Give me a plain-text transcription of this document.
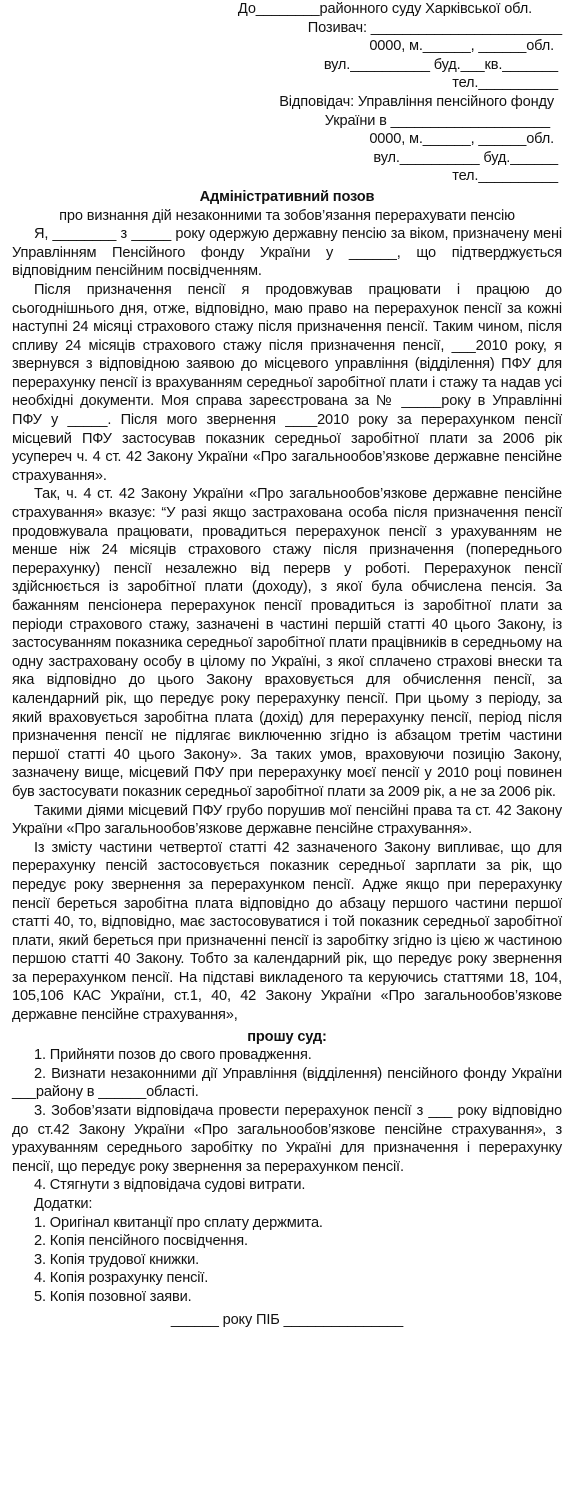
До________районного суду Харківської обл.

Позивач: ________________________

0000, м.______, ______обл.

вул.__________ буд.___кв._______

тел.__________

Відповідач: Управління пенсійного фонду

України в ____________________

0000, м.______, ______обл.

вул.__________ буд.______

тел.__________

Адміністративний позов

про визнання дій незаконними та зобов’язання перерахувати пенсію

Я, ________ з _____ року одержую державну пенсію за віком, призначену мені Управлінням Пенсійного фонду України у ______, що підтверджується відповідним пенсійним посвідченням.

Після призначення пенсії я продовжував працювати і працюю до сьогоднішнього дня, отже, відповідно, маю право на перерахунок пенсії за кожні наступні 24 місяці страхового стажу після призначення пенсії. Таким чином, після спливу 24 місяців страхового стажу після призначення пенсії, ___2010 року, я звернувся з відповідною заявою до місцевого управління (відділення) ПФУ для перерахунку пенсії із врахуванням середньої заробітної плати і стажу та надав усі необхідні документи. Моя справа зареєстрована за № _____року в Управлінні ПФУ у _____. Після мого звернення ____2010 року за перерахунком пенсії місцевий ПФУ застосував показник середньої заробітної плати за 2006 рік усупереч ч. 4 ст. 42 Закону України «Про загальнообов’язкове державне пенсійне страхування».

Так, ч. 4 ст. 42 Закону України «Про загальнообов’язкове державне пенсійне страхування» вказує: “У разі якщо застрахована особа після призначення пенсії продовжувала працювати, провадиться перерахунок пенсії з урахуванням не менше ніж 24 місяців страхового стажу після призначення (попереднього перерахунку) пенсії незалежно від перерв у роботі. Перерахунок пенсії здійснюється із заробітної плати (доходу), з якої була обчислена пенсія. За бажанням пенсіонера перерахунок пенсії провадиться із заробітної плати за періоди страхового стажу, зазначені в частині першій статті 40 цього Закону, із застосуванням показника середньої заробітної плати працівників в середньому на одну застраховану особу в цілому по Україні, з якої сплачено страхові внески та яка відповідно до цього Закону враховується для обчислення пенсії, за календарний рік, що передує року перерахунку пенсії. При цьому з періоду, за який враховується заробітна плата (дохід) для перерахунку пенсії, період після призначення пенсії не підлягає виключенню згідно із абзацом третім частини першої статті 40 цього Закону». За таких умов, враховуючи позицію Закону, зазначену вище, місцевий ПФУ при перерахунку моєї пенсії у 2010 році повинен був застосувати показник середньої заробітної плати за 2009 рік, а не за 2006 рік.

Такими діями місцевий ПФУ грубо порушив мої пенсійні права та ст. 42 Закону України «Про загальнообов’язкове державне пенсійне страхування».

Із змісту частини четвертої статті 42 зазначеного Закону випливає, що для перерахунку пенсій застосовується показник середньої зарплати за рік, що передує року звернення за перерахунком пенсії. Адже якщо при перерахунку пенсії береться заробітна плата відповідно до абзацу першого частини першої статті 40, то, відповідно, має застосовуватися і той показник середньої заробітної плати, який береться при призначенні пенсії із заробітку згідно із цією ж частиною першою статті 40 Закону. Тобто за календарний рік, що передує року звернення за перерахунком пенсії. На підставі викладеного та керуючись статтями 18, 104, 105,106 КАС України, ст.1, 40, 42 Закону України «Про загальнообов’язкове державне пенсійне страхування»,

прошу суд:

1. Прийняти позов до свого провадження.

2. Визнати незаконними дії Управління (відділення) пенсійного фонду України ___району в ______області.

3. Зобов’язати відповідача провести перерахунок пенсії з ___ року відповідно до ст.42 Закону України «Про загальнообов’язкове пенсійне страхування», з урахуванням середнього заробітку по Україні для призначення і перерахунку пенсії, що передує року звернення за перерахунком пенсії.

4. Стягнути з відповідача судові витрати.

Додатки:

1. Оригінал квитанції про сплату держмита.

2. Копія пенсійного посвідчення.

3. Копія трудової книжки.

4. Копія розрахунку пенсії.

5. Копія позовної заяви.

______ року ПІБ _______________
